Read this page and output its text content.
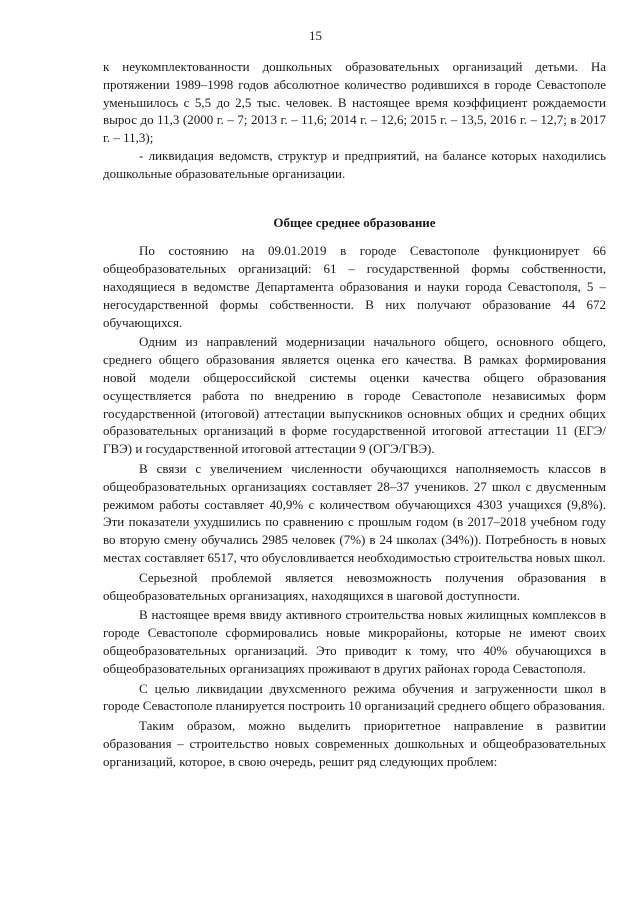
15

к неукомплектованности дошкольных образовательных организаций детьми. На протяжении 1989–1998 годов абсолютное количество родившихся в городе Севастополе уменьшилось с 5,5 до 2,5 тыс. человек. В настоящее время коэффициент рождаемости вырос до 11,3 (2000 г. – 7; 2013 г. – 11,6; 2014 г. – 12,6; 2015 г. – 13,5, 2016 г. – 12,7; в 2017 г. – 11,3);

- ликвидация ведомств, структур и предприятий, на балансе которых находились дошкольные образовательные организации.

Общее среднее образование

По состоянию на 09.01.2019 в городе Севастополе функционирует 66 общеобразовательных организаций: 61 – государственной формы собственности, находящиеся в ведомстве Департамента образования и науки города Севастополя, 5 – негосударственной формы собственности. В них получают образование 44 672 обучающихся.

Одним из направлений модернизации начального общего, основного общего, среднего общего образования является оценка его качества. В рамках формирования новой модели общероссийской системы оценки качества общего образования осуществляется работа по внедрению в городе Севастополе независимых форм государственной (итоговой) аттестации выпускников основных общих и средних общих образовательных организаций в форме государственной итоговой аттестации 11 (ЕГЭ/ГВЭ) и государственной итоговой аттестации 9 (ОГЭ/ГВЭ).

В связи с увеличением численности обучающихся наполняемость классов в общеобразовательных организациях составляет 28–37 учеников. 27 школ с двусменным режимом работы составляет 40,9% с количеством обучающихся 4303 учащихся (9,8%). Эти показатели ухудшились по сравнению с прошлым годом (в 2017–2018 учебном году во вторую смену обучались 2985 человек (7%) в 24 школах (34%)). Потребность в новых местах составляет 6517, что обусловливается необходимостью строительства новых школ.

Серьезной проблемой является невозможность получения образования в общеобразовательных организациях, находящихся в шаговой доступности.

В настоящее время ввиду активного строительства новых жилищных комплексов в городе Севастополе сформировались новые микрорайоны, которые не имеют своих общеобразовательных организаций. Это приводит к тому, что 40% обучающихся в общеобразовательных организациях проживают в других районах города Севастополя.

С целью ликвидации двухсменного режима обучения и загруженности школ в городе Севастополе планируется построить 10 организаций среднего общего образования.

Таким образом, можно выделить приоритетное направление в развитии образования – строительство новых современных дошкольных и общеобразовательных организаций, которое, в свою очередь, решит ряд следующих проблем:
